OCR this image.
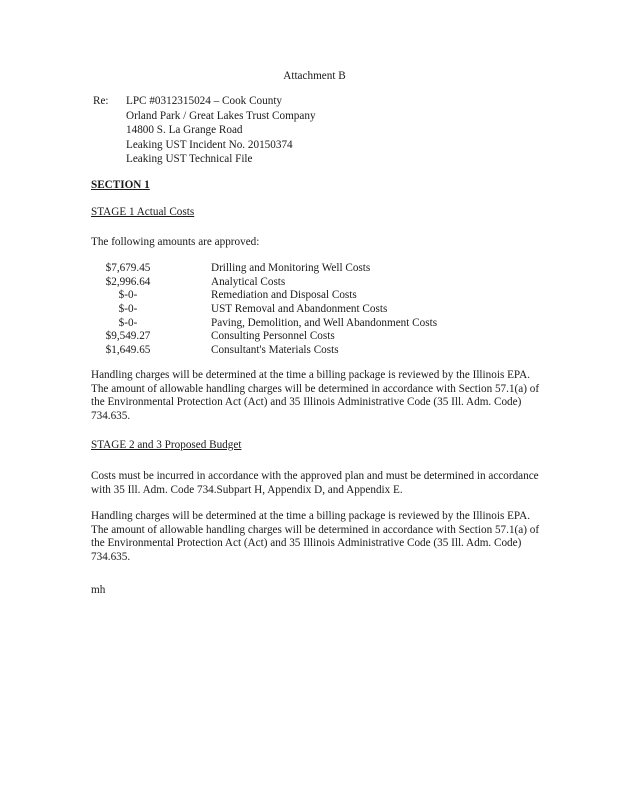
Attachment B
Re: LPC #0312315024 – Cook County
Orland Park / Great Lakes Trust Company
14800 S. La Grange Road
Leaking UST Incident No. 20150374
Leaking UST Technical File
SECTION 1
STAGE 1 Actual Costs
The following amounts are approved:
$7,679.45	Drilling and Monitoring Well Costs
$2,996.64	Analytical Costs
$-0-	Remediation and Disposal Costs
$-0-	UST Removal and Abandonment Costs
$-0-	Paving, Demolition, and Well Abandonment Costs
$9,549.27	Consulting Personnel Costs
$1,649.65	Consultant's Materials Costs
Handling charges will be determined at the time a billing package is reviewed by the Illinois EPA. The amount of allowable handling charges will be determined in accordance with Section 57.1(a) of the Environmental Protection Act (Act) and 35 Illinois Administrative Code (35 Ill. Adm. Code) 734.635.
STAGE 2 and 3 Proposed Budget
Costs must be incurred in accordance with the approved plan and must be determined in accordance with 35 Ill. Adm. Code 734.Subpart H, Appendix D, and Appendix E.
Handling charges will be determined at the time a billing package is reviewed by the Illinois EPA. The amount of allowable handling charges will be determined in accordance with Section 57.1(a) of the Environmental Protection Act (Act) and 35 Illinois Administrative Code (35 Ill. Adm. Code) 734.635.
mh
